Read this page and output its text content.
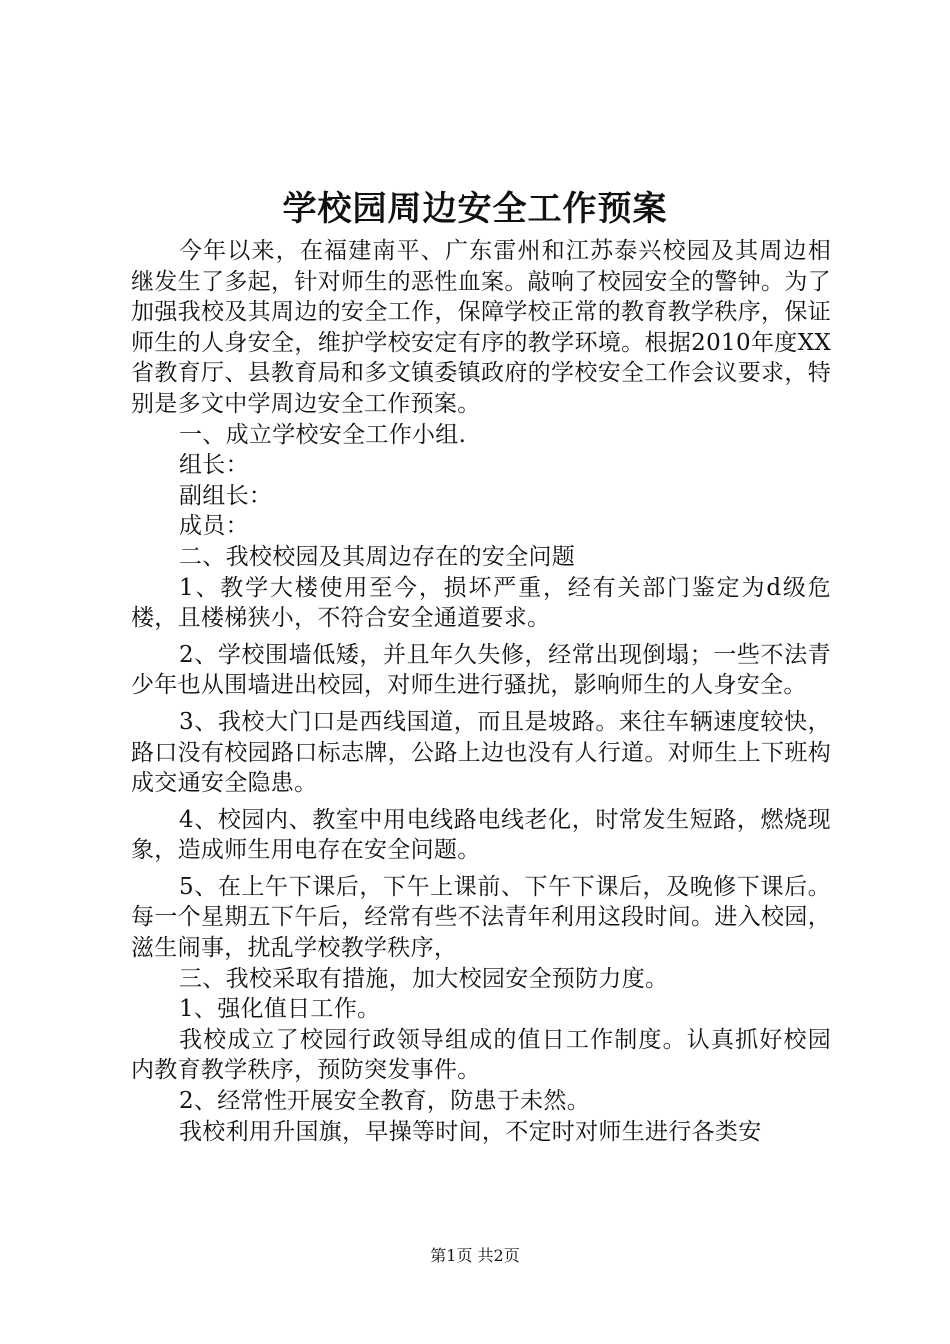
学校园周边安全工作预案

今年以来，在福建南平、广东雷州和江苏泰兴校园及其周边相继发生了多起，针对师生的恶性血案。敲响了校园安全的警钟。为了加强我校及其周边的安全工作，保障学校正常的教育教学秩序，保证师生的人身安全，维护学校安定有序的教学环境。根据2010年度XX省教育厅、县教育局和多文镇委镇政府的学校安全工作会议要求，特别是多文中学周边安全工作预案。

一、成立学校安全工作小组.

组长：

副组长：

成员：

二、我校校园及其周边存在的安全问题

1、教学大楼使用至今，损坏严重，经有关部门鉴定为d级危楼，且楼梯狭小，不符合安全通道要求。

2、学校围墙低矮，并且年久失修，经常出现倒塌；一些不法青少年也从围墙进出校园，对师生进行骚扰，影响师生的人身安全。

3、我校大门口是西线国道，而且是坡路。来往车辆速度较快，路口没有校园路口标志牌，公路上边也没有人行道。对师生上下班构成交通安全隐患。

4、校园内、教室中用电线路电线老化，时常发生短路，燃烧现象，造成师生用电存在安全问题。

5、在上午下课后，下午上课前、下午下课后，及晚修下课后。每一个星期五下午后，经常有些不法青年利用这段时间。进入校园，滋生闹事，扰乱学校教学秩序，

三、我校采取有措施，加大校园安全预防力度。

1、强化值日工作。

我校成立了校园行政领导组成的值日工作制度。认真抓好校园内教育教学秩序，预防突发事件。

2、经常性开展安全教育，防患于未然。

我校利用升国旗，早操等时间，不定时对师生进行各类安

第1页 共2页
